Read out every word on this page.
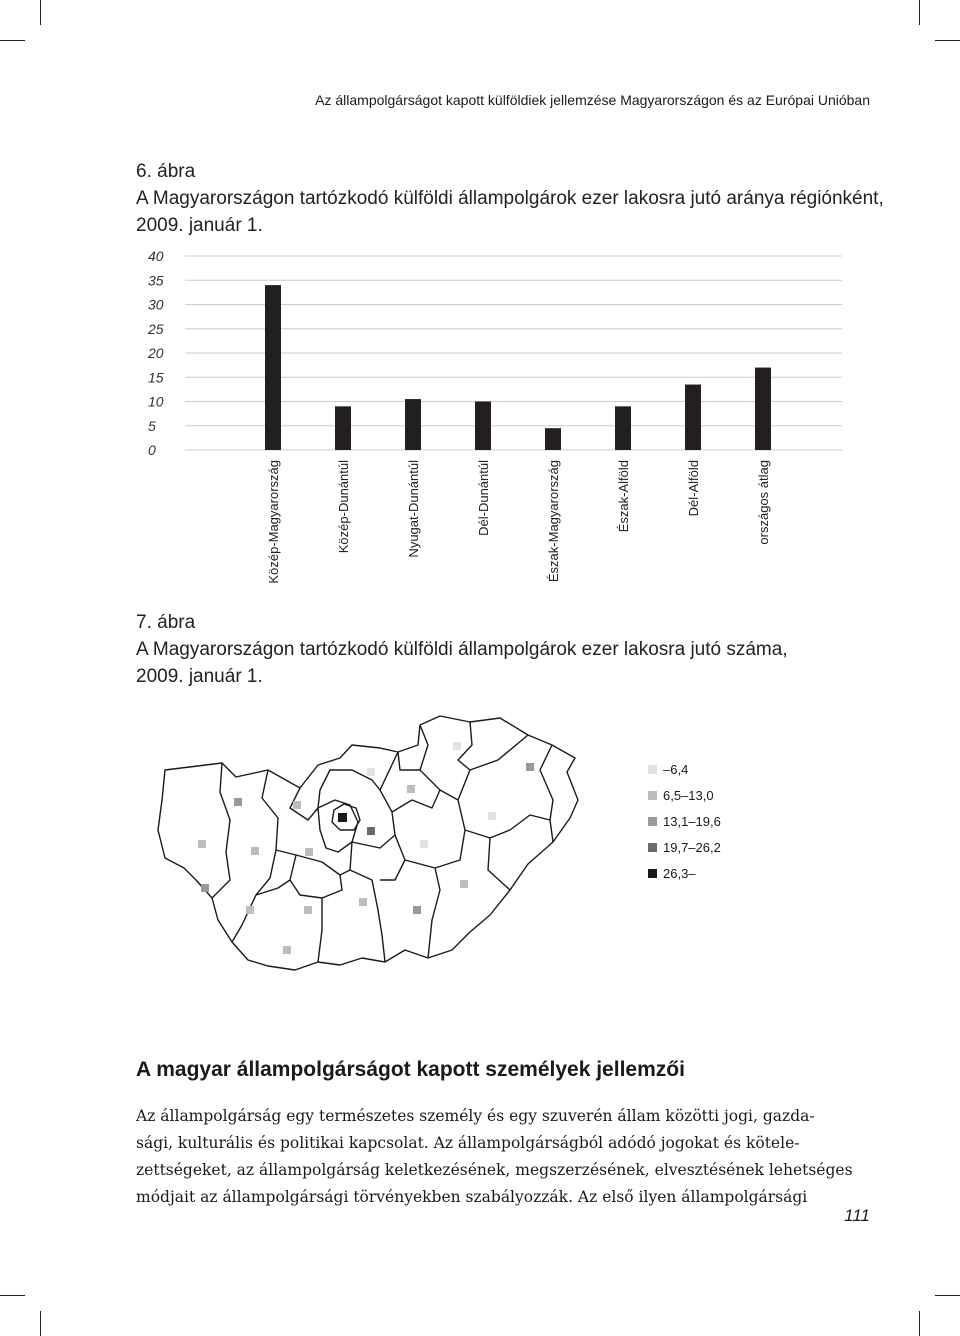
Az állampolgárságot kapott külföldiek jellemzése Magyarországon és az Európai Unióban
6. ábra
A Magyarországon tartózkodó külföldi állampolgárok ezer lakosra jutó aránya régiónként,
2009. január 1.
0
5
10
15
20
25
30
35
40
Közép-Magyarország	Közép-Dunántúl	Nyugat-Dunántúl	Dél-Dunántúl	Észak-Magyarország	Észak-Alföld	Dél-Alföld	országos átlag
7. ábra
A Magyarországon tartózkodó külföldi állampolgárok ezer lakosra jutó száma,
2009. január 1.
–6,4
6,5–13,0
13,1–19,6
19,7–26,2
26,3–
A magyar állampolgárságot kapott személyek jellemzői
Az állampolgárság egy természetes személy és egy szuverén állam közötti jogi, gazda-
sági, kulturális és politikai kapcsolat. Az állampolgárságból adódó jogokat és kötele-
zettségeket, az állampolgárság keletkezésének, megszerzésének, elvesztésének lehetséges
módjait az állampolgársági törvényekben szabályozzák. Az első ilyen állampolgársági
111
